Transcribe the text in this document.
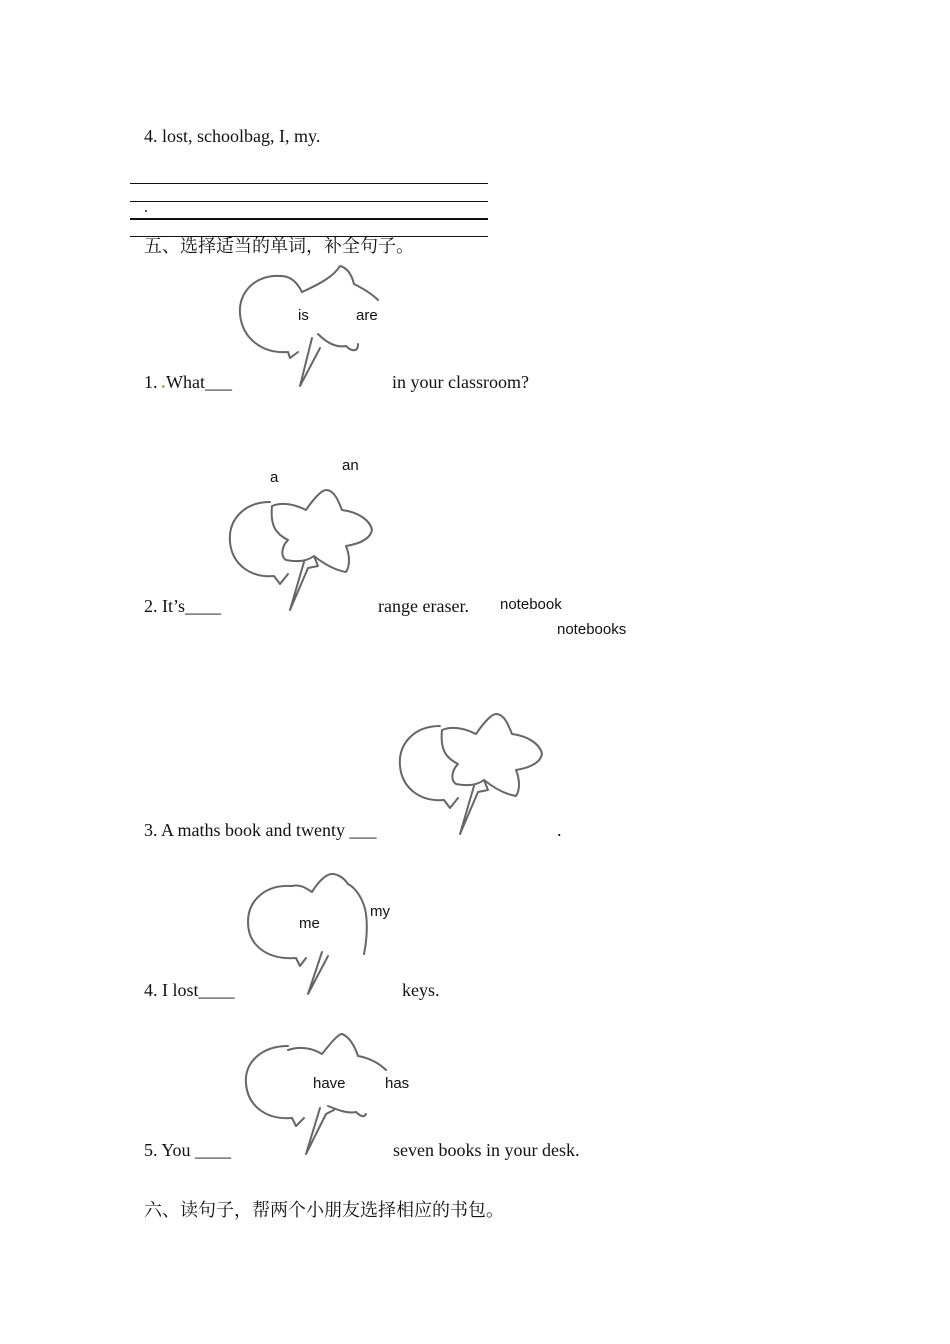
4. lost, schoolbag, I, my.
.
五、选择适当的单词，补全句子。
is	are
1. . What___	in your classroom?
a
an
2. It’s____	range eraser. notebook
notebooks
3. A maths book and twenty ___	.
my
me
4. I lost____	keys.
have	has
5. You ____	seven books in your desk.
六、读句子，帮两个小朋友选择相应的书包。
